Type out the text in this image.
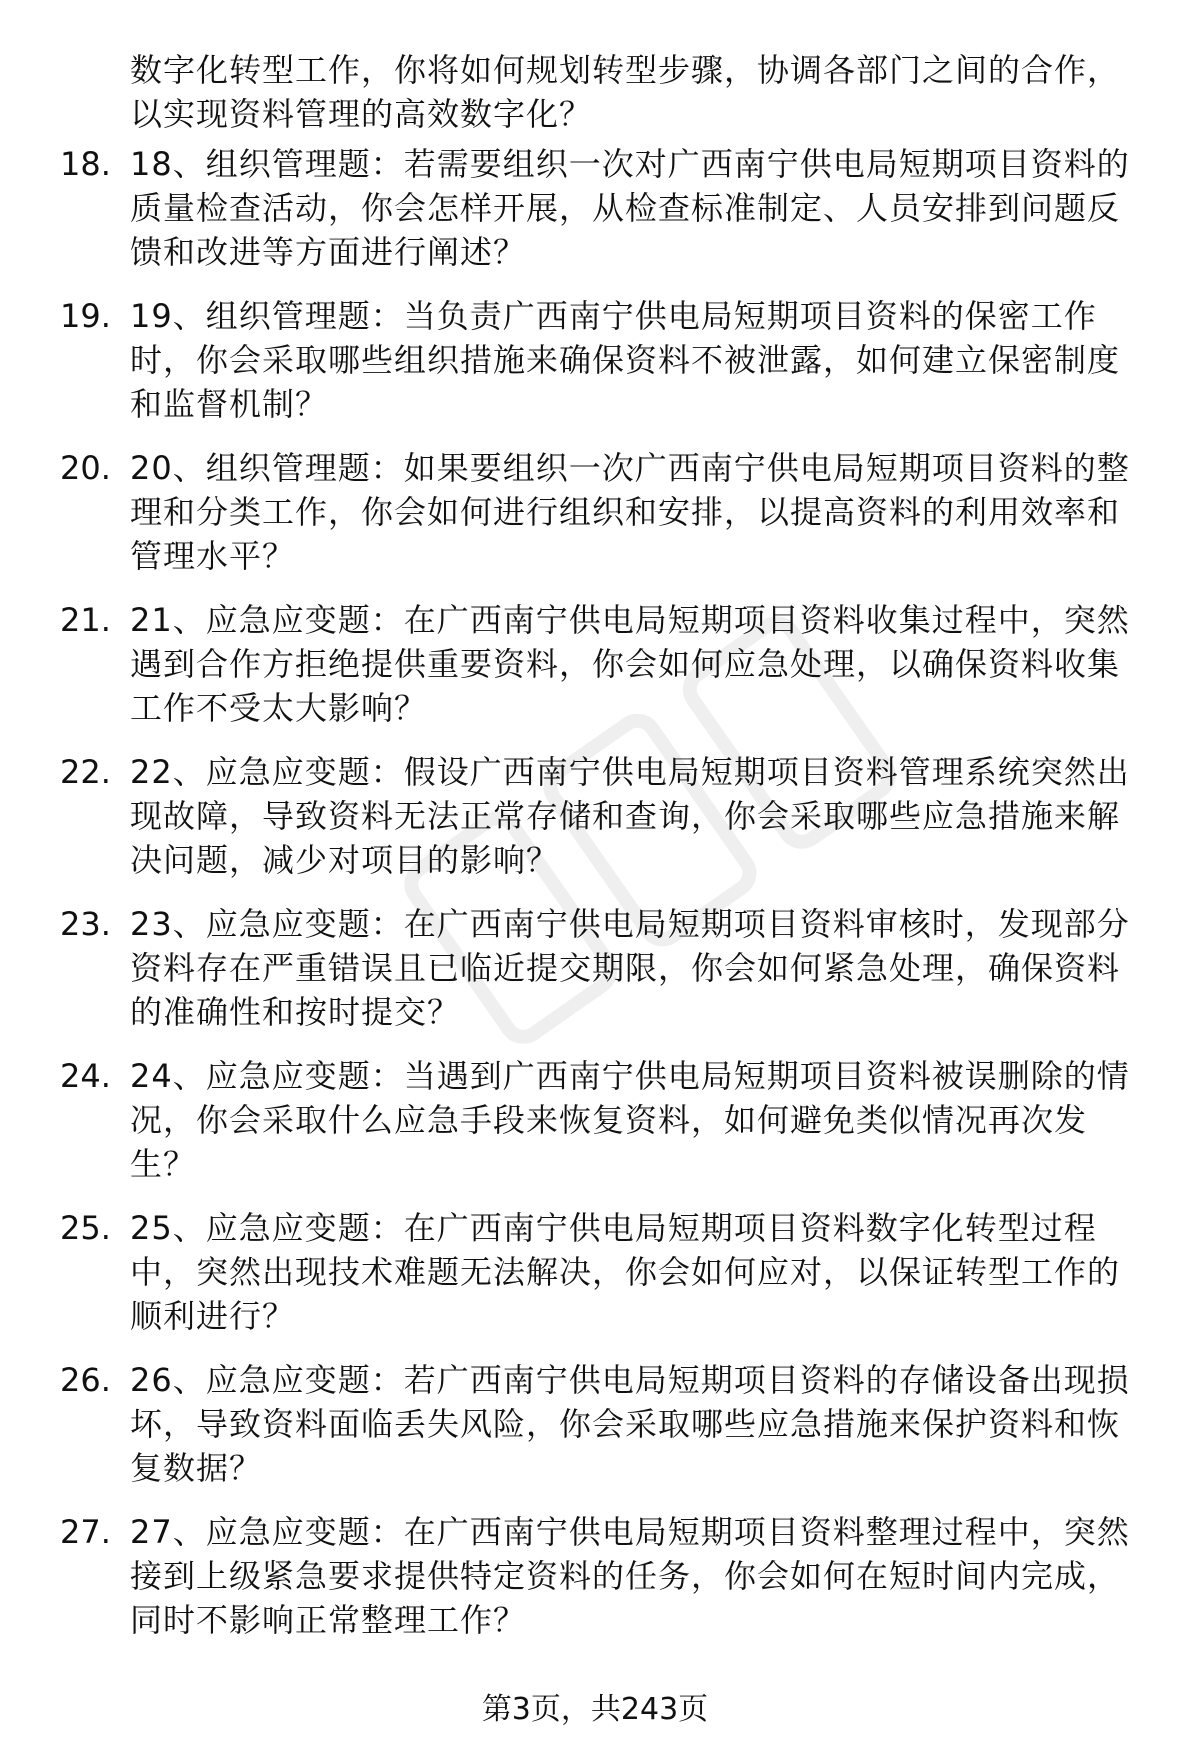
数字化转型工作，你将如何规划转型步骤，协调各部门之间的合作，以实现资料管理的高效数字化？
18. 18、组织管理题：若需要组织一次对广西南宁供电局短期项目资料的质量检查活动，你会怎样开展，从检查标准制定、人员安排到问题反馈和改进等方面进行阐述？
19. 19、组织管理题：当负责广西南宁供电局短期项目资料的保密工作时，你会采取哪些组织措施来确保资料不被泄露，如何建立保密制度和监督机制？
20. 20、组织管理题：如果要组织一次广西南宁供电局短期项目资料的整理和分类工作，你会如何进行组织和安排，以提高资料的利用效率和管理水平？
21. 21、应急应变题：在广西南宁供电局短期项目资料收集过程中，突然遇到合作方拒绝提供重要资料，你会如何应急处理，以确保资料收集工作不受太大影响？
22. 22、应急应变题：假设广西南宁供电局短期项目资料管理系统突然出现故障，导致资料无法正常存储和查询，你会采取哪些应急措施来解决问题，减少对项目的影响？
23. 23、应急应变题：在广西南宁供电局短期项目资料审核时，发现部分资料存在严重错误且已临近提交期限，你会如何紧急处理，确保资料的准确性和按时提交？
24. 24、应急应变题：当遇到广西南宁供电局短期项目资料被误删除的情况，你会采取什么应急手段来恢复资料，如何避免类似情况再次发生？
25. 25、应急应变题：在广西南宁供电局短期项目资料数字化转型过程中，突然出现技术难题无法解决，你会如何应对，以保证转型工作的顺利进行？
26. 26、应急应变题：若广西南宁供电局短期项目资料的存储设备出现损坏，导致资料面临丢失风险，你会采取哪些应急措施来保护资料和恢复数据？
27. 27、应急应变题：在广西南宁供电局短期项目资料整理过程中，突然接到上级紧急要求提供特定资料的任务，你会如何在短时间内完成，同时不影响正常整理工作？
第3页，共243页
